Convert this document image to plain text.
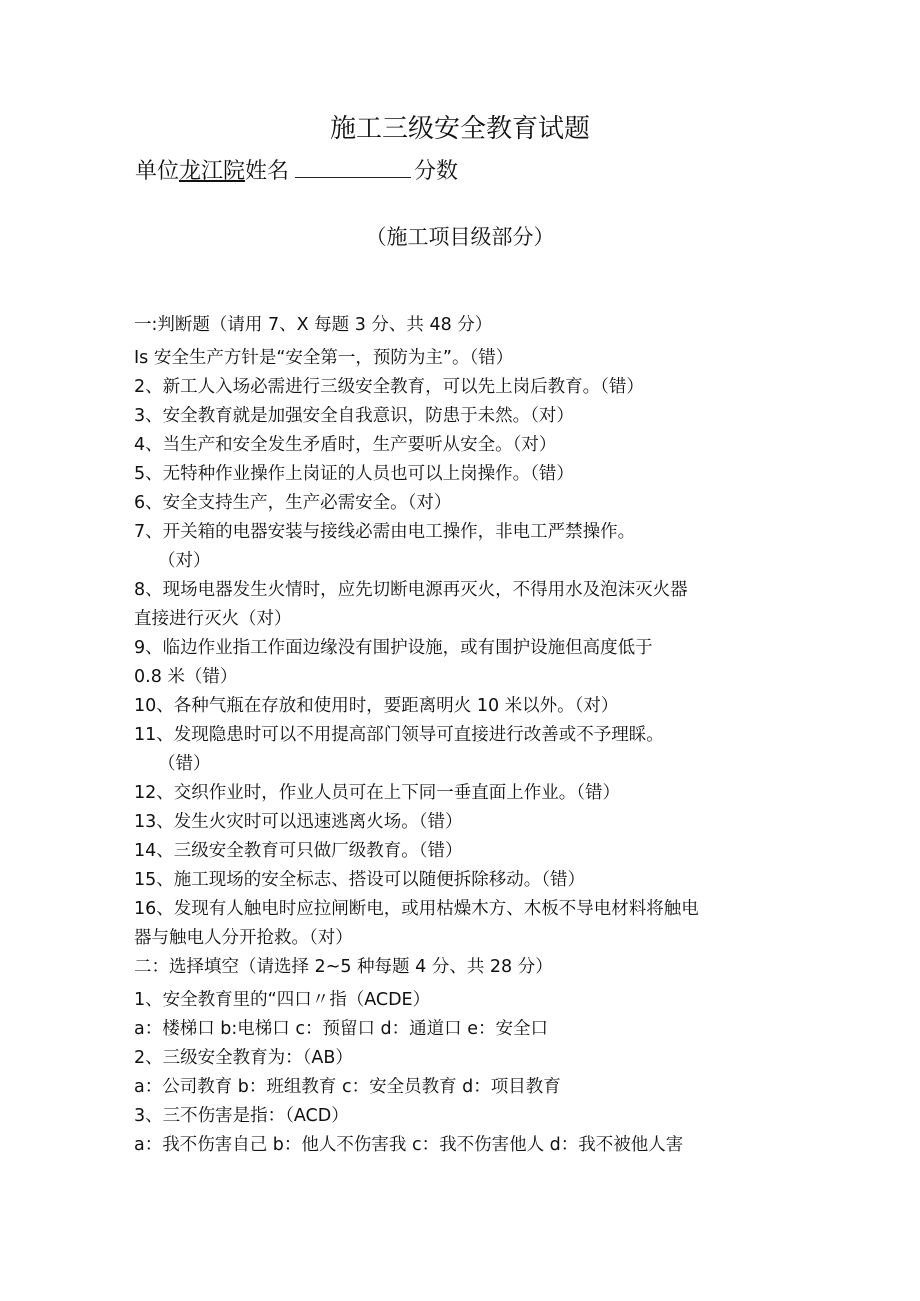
施工三级安全教育试题
单位龙江院姓名	分数
（施工项目级部分）
一:判断题（请用 7、X 每题 3 分、共 48 分）
Is 安全生产方针是“安全第一，预防为主”。（错）
2、新工人入场必需进行三级安全教育，可以先上岗后教育。（错）
3、安全教育就是加强安全自我意识，防患于未然。（对）
4、当生产和安全发生矛盾时，生产要听从安全。（对）
5、无特种作业操作上岗证的人员也可以上岗操作。（错）
6、安全支持生产，生产必需安全。（对）
7、开关箱的电器安装与接线必需由电工操作，非电工严禁操作。
（对）
8、现场电器发生火情时，应先切断电源再灭火，不得用水及泡沫灭火器
直接进行灭火（对）
9、临边作业指工作面边缘没有围护设施，或有围护设施但高度低于
0.8 米（错）
10、各种气瓶在存放和使用时，要距离明火 10 米以外。（对）
11、发现隐患时可以不用提高部门领导可直接进行改善或不予理睬。
（错）
12、交织作业时，作业人员可在上下同一垂直面上作业。（错）
13、发生火灾时可以迅速逃离火场。（错）
14、三级安全教育可只做厂级教育。（错）
15、施工现场的安全标志、搭设可以随便拆除移动。（错）
16、发现有人触电时应拉闸断电，或用枯燥木方、木板不导电材料将触电
器与触电人分开抢救。（对）
二：选择填空（请选择 2~5 种每题 4 分、共 28 分）
1、安全教育里的“四口〃指（ACDE）
a：楼梯口 b:电梯口 c：预留口 d：通道口 e：安全口
2、三级安全教育为：（AB）
a：公司教育 b：班组教育 c：安全员教育 d：项目教育
3、三不伤害是指：（ACD）
a：我不伤害自己 b：他人不伤害我 c：我不伤害他人 d：我不被他人害
